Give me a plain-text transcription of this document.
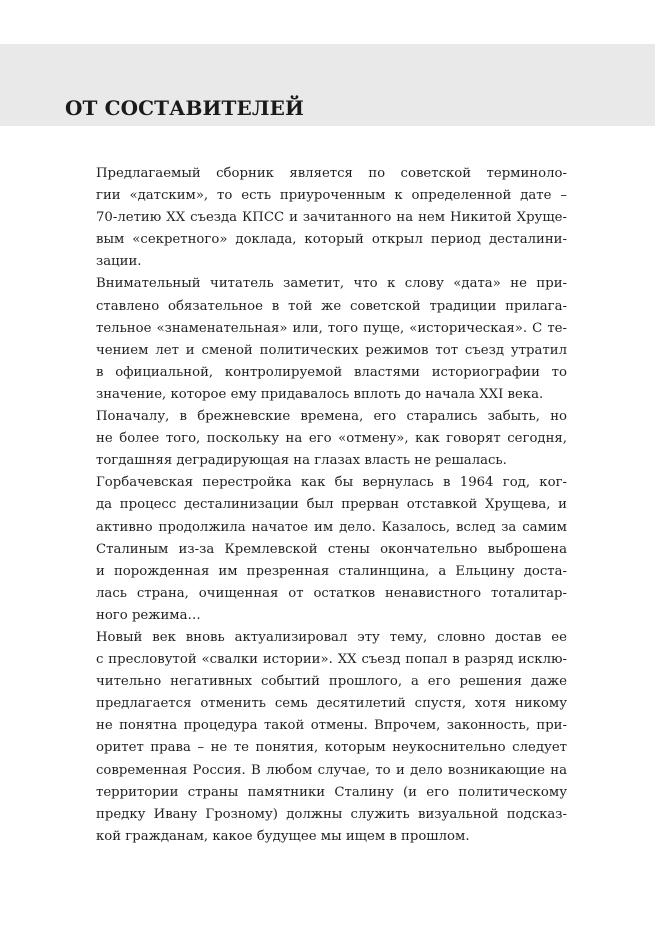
ОТ СОСТАВИТЕЛЕЙ

Предлагаемый сборник является по советской терминоло-
гии «датским», то есть приуроченным к определенной дате –
70-летию ХХ съезда КПСС и зачитанного на нем Никитой Хруще-
вым «секретного» доклада, который открыл период десталини-
зации.

Внимательный читатель заметит, что к слову «дата» не при-
ставлено обязательное в той же советской традиции прилага-
тельное «знаменательная» или, того пуще, «историческая». С те-
чением лет и сменой политических режимов тот съезд утратил
в официальной, контролируемой властями историографии то
значение, которое ему придавалось вплоть до начала XXI века.

Поначалу, в брежневские времена, его старались забыть, но
не более того, поскольку на его «отмену», как говорят сегодня,
тогдашняя деградирующая на глазах власть не решалась.

Горбачевская перестройка как бы вернулась в 1964 год, ког-
да процесс десталинизации был прерван отставкой Хрущева, и
активно продолжила начатое им дело. Казалось, вслед за самим
Сталиным из-за Кремлевской стены окончательно выброшена
и порожденная им презренная сталинщина, а Ельцину доста-
лась страна, очищенная от остатков ненавистного тоталитар-
ного режима…

Новый век вновь актуализировал эту тему, словно достав ее
с пресловутой «свалки истории». ХХ съезд попал в разряд исклю-
чительно негативных событий прошлого, а его решения даже
предлагается отменить семь десятилетий спустя, хотя никому
не понятна процедура такой отмены. Впрочем, законность, при-
оритет права – не те понятия, которым неукоснительно следует
современная Россия. В любом случае, то и дело возникающие на
территории страны памятники Сталину (и его политическому
предку Ивану Грозному) должны служить визуальной подсказ-
кой гражданам, какое будущее мы ищем в прошлом.
